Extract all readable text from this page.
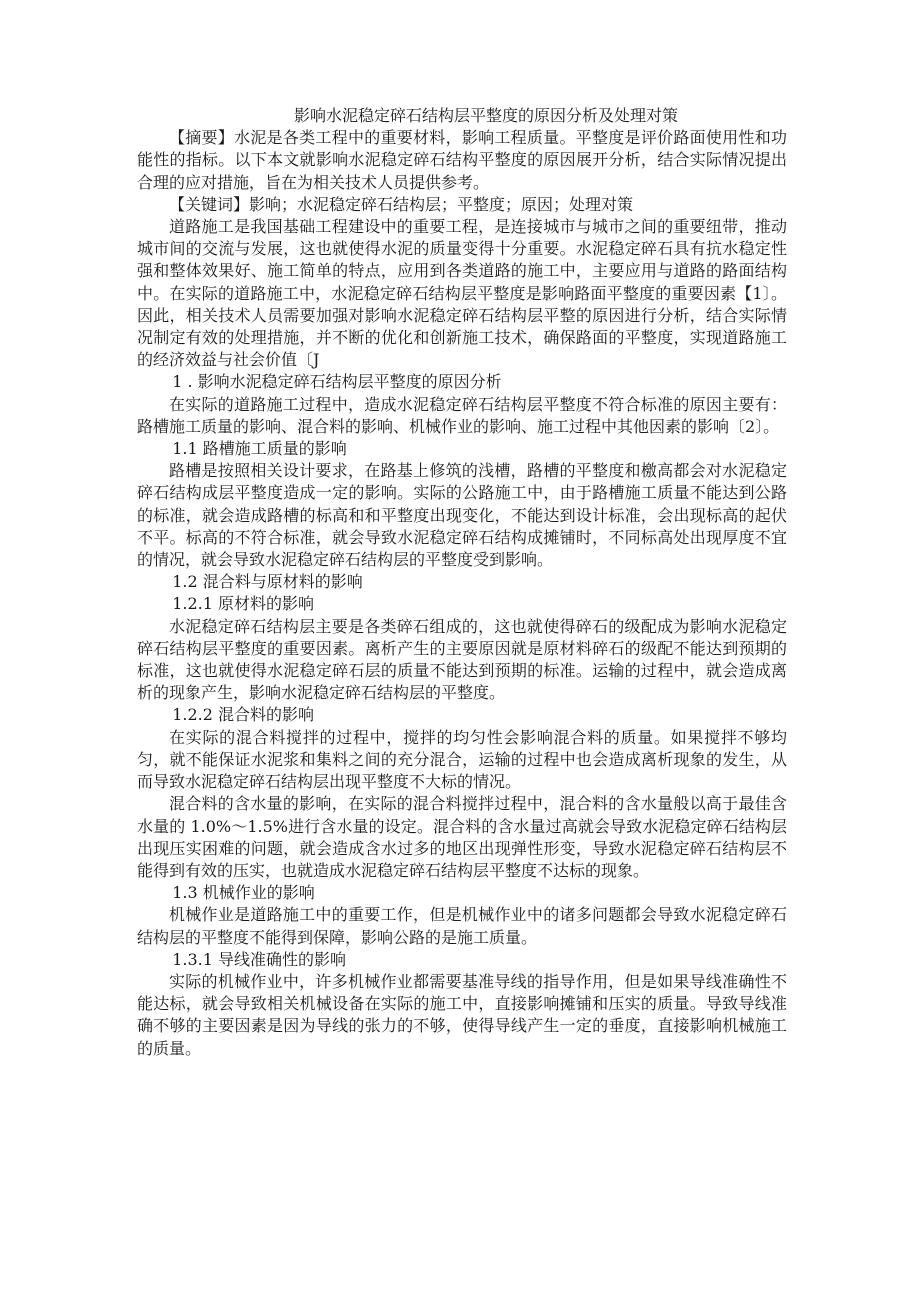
影响水泥稳定碎石结构层平整度的原因分析及处理对策

【摘要】水泥是各类工程中的重要材料，影响工程质量。平整度是评价路面使用性和功能性的指标。以下本文就影响水泥稳定碎石结构平整度的原因展开分析，结合实际情况提出合理的应对措施，旨在为相关技术人员提供参考。

【关键词】影响；水泥稳定碎石结构层；平整度；原因；处理对策

道路施工是我国基础工程建设中的重要工程，是连接城市与城市之间的重要纽带，推动城市间的交流与发展，这也就使得水泥的质量变得十分重要。水泥稳定碎石具有抗水稳定性强和整体效果好、施工简单的特点，应用到各类道路的施工中，主要应用与道路的路面结构中。在实际的道路施工中，水泥稳定碎石结构层平整度是影响路面平整度的重要因素【1〕。因此，相关技术人员需要加强对影响水泥稳定碎石结构层平整的原因进行分析，结合实际情况制定有效的处理措施，并不断的优化和创新施工技术，确保路面的平整度，实现道路施工的经济效益与社会价值〔J

1 . 影响水泥稳定碎石结构层平整度的原因分析

在实际的道路施工过程中，造成水泥稳定碎石结构层平整度不符合标准的原因主要有：路槽施工质量的影响、混合料的影响、机械作业的影响、施工过程中其他因素的影响〔2〕。

1.1 路槽施工质量的影响

路槽是按照相关设计要求，在路基上修筑的浅槽，路槽的平整度和檄高都会对水泥稳定碎石结构成层平整度造成一定的影响。实际的公路施工中，由于路槽施工质量不能达到公路的标准，就会造成路槽的标高和和平整度出现变化，不能达到设计标准，会出现标高的起伏不平。标高的不符合标准，就会导致水泥稳定碎石结构成摊铺时，不同标高处出现厚度不宜的情况，就会导致水泥稳定碎石结构层的平整度受到影响。

1.2 混合料与原材料的影响
1.2.1 原材料的影响

水泥稳定碎石结构层主要是各类碎石组成的，这也就使得碎石的级配成为影响水泥稳定碎石结构层平整度的重要因素。离析产生的主要原因就是原材料碎石的级配不能达到预期的标准，这也就使得水泥稳定碎石层的质量不能达到预期的标准。运输的过程中，就会造成离析的现象产生，影响水泥稳定碎石结构层的平整度。

1.2.2 混合料的影响

在实际的混合料搅拌的过程中，搅拌的均匀性会影响混合料的质量。如果搅拌不够均匀，就不能保证水泥浆和集料之间的充分混合，运输的过程中也会造成离析现象的发生，从而导致水泥稳定碎石结构层出现平整度不大标的情况。

混合料的含水量的影响，在实际的混合料搅拌过程中，混合料的含水量般以高于最佳含水量的 1.0%～1.5%进行含水量的设定。混合料的含水量过高就会导致水泥稳定碎石结构层出现压实困难的问题，就会造成含水过多的地区出现弹性形变，导致水泥稳定碎石结构层不能得到有效的压实，也就造成水泥稳定碎石结构层平整度不达标的现象。

1.3 机械作业的影响

机械作业是道路施工中的重要工作，但是机械作业中的诸多问题都会导致水泥稳定碎石结构层的平整度不能得到保障，影响公路的是施工质量。

1.3.1 导线准确性的影响

实际的机械作业中，许多机械作业都需要基准导线的指导作用，但是如果导线准确性不能达标，就会导致相关机械设备在实际的施工中，直接影响摊铺和压实的质量。导致导线准确不够的主要因素是因为导线的张力的不够，使得导线产生一定的垂度，直接影响机械施工的质量。
